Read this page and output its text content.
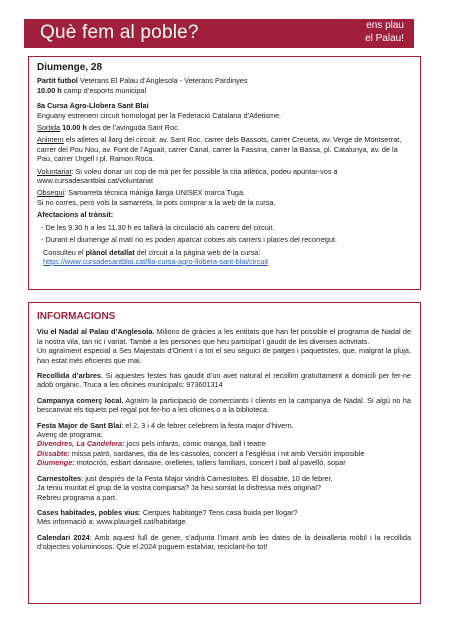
Què fem al poble?	ens plau
el Palau!
Diumenge, 28

Partit futbol Veterans El Palau d’Anglesola - Veterans Pardinyes

10.00 h camp d’esports municipal

8a Cursa Agro-Llobera Sant Blai

Enguany estrenem circuit homologat per la Federació Catalana d’Atletisme.

Sortida 10.00 h des de l’avinguda Sant Roc.

Animem els atletes al llarg del circuit: av. Sant Roc, carrer dels Bassots, carrer Creueta, av. Verge de Montserrat, carrer del Pou Nou, av. Font de l’Aguait, carrer Canal, carrer la Fassina, carrer la Bassa, pl. Catalunya, av. de la Pau, carrer Urgell i pl. Ramon Roca.

Voluntariat: Si voleu donar un cop de mà per fer possible la cita atlètica, podeu apuntar-vos a www.cursadesantblai.cat/voluntariat

Obsequi: Samarreta tècnica màniga llarga UNISEX marca Tuga.

Si no corres, però vols la samarreta, la pots comprar a la web de la cursa.

Afectacions al trànsit:

- De les 9.30 h a les 11.30 h es tallarà la circulació als carrers del circuit.

- Durant el diumenge al matí no es poden aparcar cotxes als carrers i places del recorregut.

Consulteu el plànol detallat del circuit a la pàgina web de la cursa:

https://www.cursadesantblai.cat/8a-cursa-agro-llobera-sant-blai/circuit

INFORMACIONS

Viu el Nadal al Palau d’Anglesola. Milions de gràcies a les entitats que han fet possible el programa de Nadal de la nostra vila, tan ric i variat. També a les persones que heu participat i gaudit de les diverses activitats.

Un agraïment especial a Ses Majestats d’Orient i a tot el seu seguici de patges i paquetistes, que, malgrat la pluja, han estat més eficients que mai.

Recollida d’arbres. Si aquestes festes has gaudit d’un avet natural el recollim gratuïtament a domicili per fer-ne adob orgànic. Truca a les oficines municipals: 973601314

Campanya comerç local. Agraïm la participació de comerciants i clients en la campanya de Nadal. Si algú no ha bescanviat els tiquets pel regal pot fer-ho a les oficines o a la biblioteca.

Festa Major de Sant Blai: el 2, 3 i 4 de febrer celebrem la festa major d’hivern.

Avenç de programa:

Divendres, La Candelera: jocs pels infants, còmic manga, ball i teatre

Dissabte: missa patró, sardanes, dia de les cassoles, concert a l’església i nit amb Versión imposible

Diumenge: motocròs, esbart dansaire, orelletes, tallers familiars, concert i ball al pavelló, sopar

Carnestoltes: just després de la Festa Major vindrà Carnestoltes. El dissabte, 10 de febrer.

Ja teniu muntat el grup de la vostra comparsa? Ja heu somiat la disfressa més original?

Rebreu programa a part.

Cases habitades, pobles vius: Cerques habitatge? Tens casa buida per llogar?

Més informació a: www.plaurgell.cat/habitatge

Calendari 2024: Amb aquest full de gener, s’adjunta l’imant amb les dates de la deixalleria mòbil i la recollida d’objectes voluminosos. Que el 2024 puguem estalviar, reciclant-ho tot!
